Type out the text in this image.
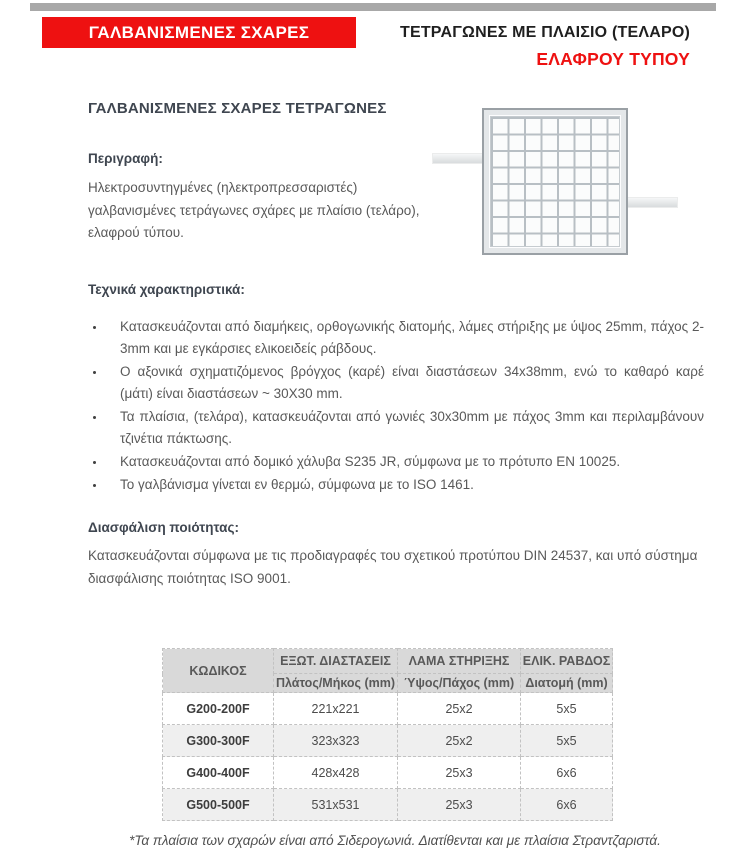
ΓΑΛΒΑΝΙΣΜΕΝΕΣ ΣΧΑΡΕΣ	ΤΕΤΡΑΓΩΝΕΣ ΜΕ ΠΛΑΙΣΙΟ (ΤΕΛΑΡΟ)
ΕΛΑΦΡΟΥ ΤΥΠΟΥ
ΓΑΛΒΑΝΙΣΜΕΝΕΣ ΣΧΑΡΕΣ ΤΕΤΡΑΓΩΝΕΣ
Περιγραφή:
Ηλεκτροσυντηγμένες (ηλεκτροπρεσσαριστές) γαλβανισμένες τετράγωνες σχάρες με πλαίσιο (τελάρο), ελαφρού τύπου.
Τεχνικά χαρακτηριστικά:
• Κατασκευάζονται από διαμήκεις, ορθογωνικής διατομής, λάμες στήριξης με ύψος 25mm, πάχος 2-3mm και με εγκάρσιες ελικοειδείς ράβδους.
• Ο αξονικά σχηματιζόμενος βρόγχος (καρέ) είναι διαστάσεων 34x38mm, ενώ το καθαρό καρέ (μάτι) είναι διαστάσεων ~ 30X30 mm.
• Τα πλαίσια, (τελάρα), κατασκευάζονται από γωνιές 30x30mm με πάχος 3mm και περιλαμβάνουν τζινέτια πάκτωσης.
• Κατασκευάζονται από δομικό χάλυβα S235 JR, σύμφωνα με το πρότυπο EN 10025.
• Το γαλβάνισμα γίνεται εν θερμώ, σύμφωνα με το ISO 1461.
Διασφάλιση ποιότητας:
Κατασκευάζονται σύμφωνα με τις προδιαγραφές του σχετικού προτύπου DIN 24537, και υπό σύστημα διασφάλισης ποιότητας ISO 9001.
ΚΩΔΙΚΟΣ	ΕΞΩΤ. ΔΙΑΣΤΑΣΕΙΣ	ΛΑΜΑ ΣΤΗΡΙΞΗΣ	ΕΛΙΚ. ΡΑΒΔΟΣ
	Πλάτος/Μήκος (mm)	Ύψος/Πάχος (mm)	Διατομή (mm)
G200-200F	221x221	25x2	5x5
G300-300F	323x323	25x2	5x5
G400-400F	428x428	25x3	6x6
G500-500F	531x531	25x3	6x6
*Τα πλαίσια των σχαρών είναι από Σιδερογωνιά. Διατίθενται και με πλαίσια Στραντζαριστά.
